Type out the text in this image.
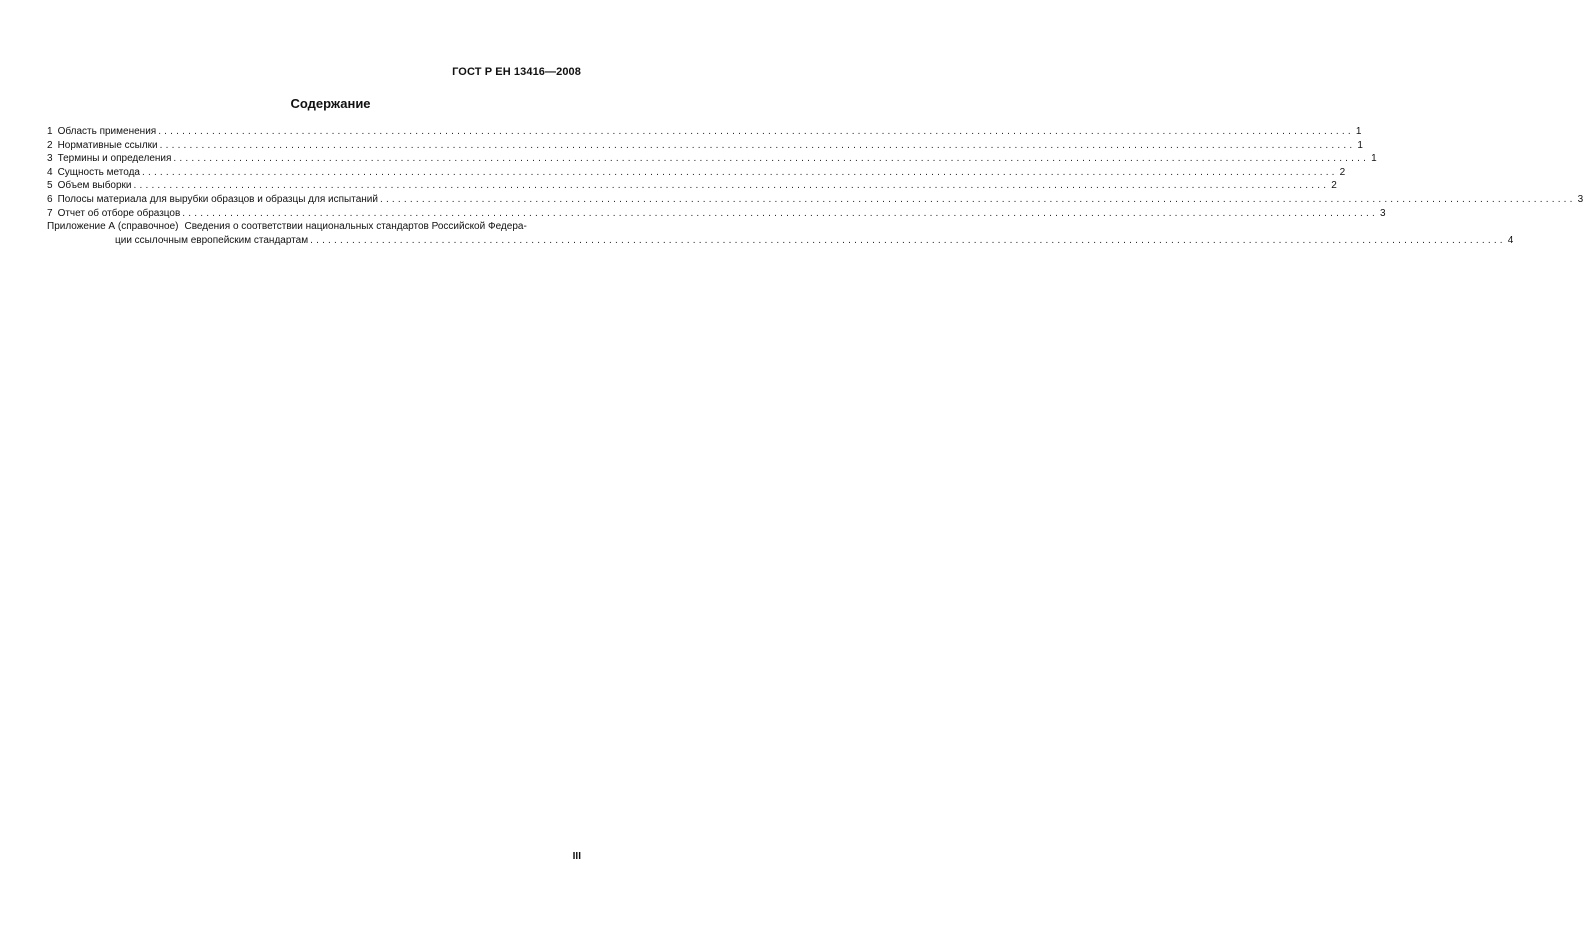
ГОСТ Р ЕН 13416—2008
Содержание
1 Область применения ........................................................................................................................................................................................................ 1
2 Нормативные ссылки ........................................................................................................................................................................................................ 1
3 Термины и определения ........................................................................................................................................................................................................ 1
4 Сущность метода ........................................................................................................................................................................................................ 2
5 Объем выборки ........................................................................................................................................................................................................ 2
6 Полосы материала для вырубки образцов и образцы для испытаний ........................................................................................................................................................................................................ 3
7 Отчет об отборе образцов ........................................................................................................................................................................................................ 3
Приложение А (справочное) Сведения о соответствии национальных стандартов Российской Федера-
ции ссылочным европейским стандартам ........................................................................................................................................................................................................ 4
III
